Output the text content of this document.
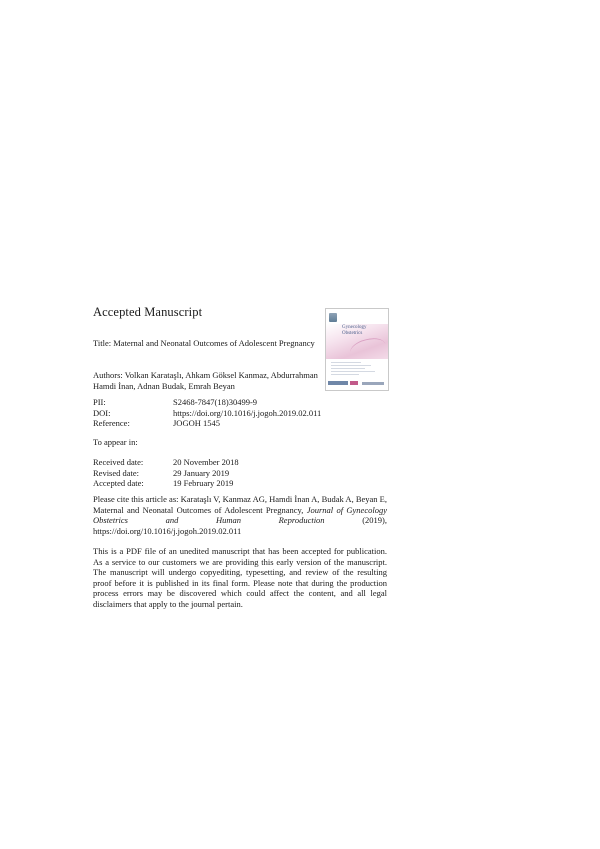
Accepted Manuscript
Gynecology Obstetrics
Title: Maternal and Neonatal Outcomes of Adolescent Pregnancy
Authors: Volkan Karataşlı, Ahkam Göksel Kanmaz, Abdurrahman Hamdi İnan, Adnan Budak, Emrah Beyan
PII:	S2468-7847(18)30499-9
DOI:	https://doi.org/10.1016/j.jogoh.2019.02.011
Reference:	JOGOH 1545
To appear in:
Received date:	20 November 2018
Revised date:	29 January 2019
Accepted date:	19 February 2019
Please cite this article as: Karataşlı V, Kanmaz AG, Hamdi İnan A, Budak A, Beyan E, Maternal and Neonatal Outcomes of Adolescent Pregnancy, Journal of Gynecology Obstetrics and Human Reproduction	(2019), https://doi.org/10.1016/j.jogoh.2019.02.011
This is a PDF file of an unedited manuscript that has been accepted for publication. As a service to our customers we are providing this early version of the manuscript. The manuscript will undergo copyediting, typesetting, and review of the resulting proof before it is published in its final form. Please note that during the production process errors may be discovered which could affect the content, and all legal disclaimers that apply to the journal pertain.
